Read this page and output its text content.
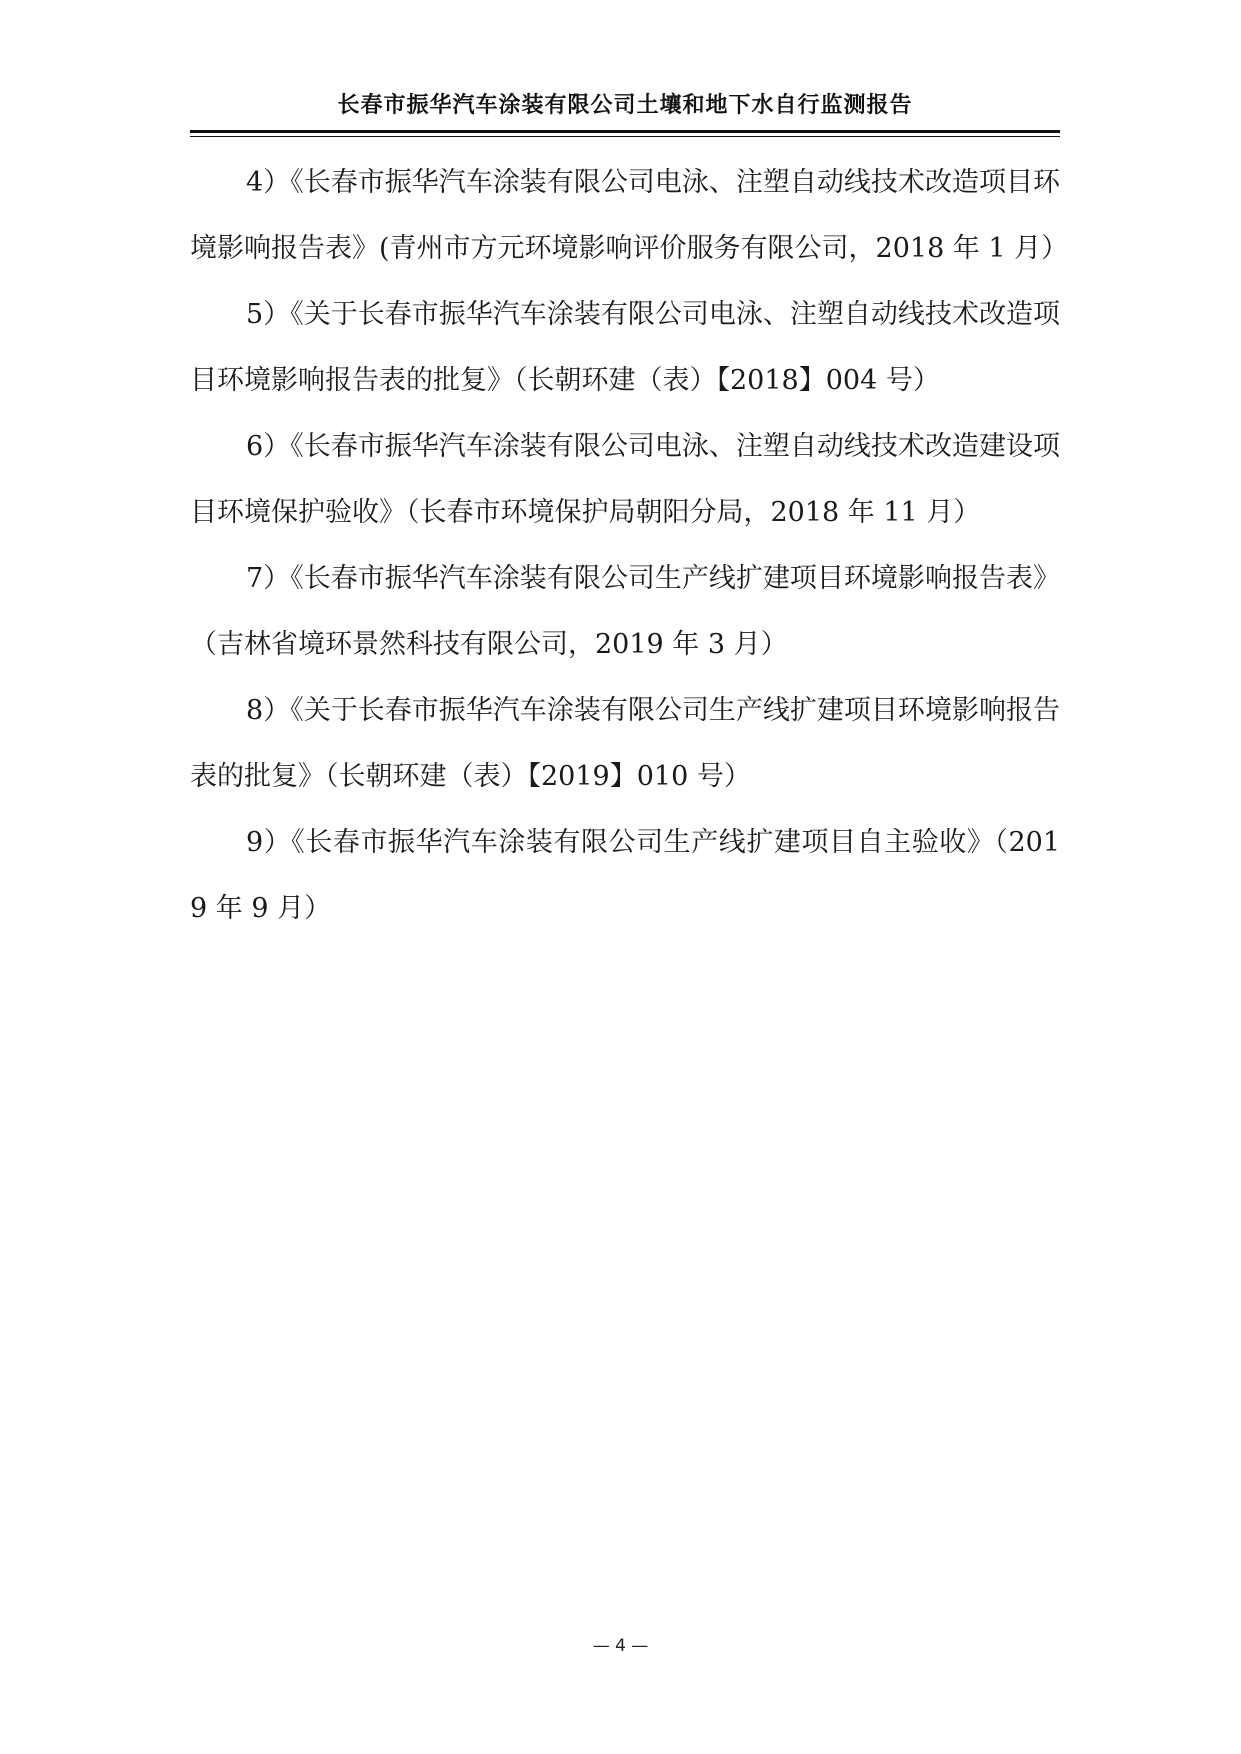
长春市振华汽车涂装有限公司土壤和地下水自行监测报告

4）《长春市振华汽车涂装有限公司电泳、注塑自动线技术改造项目环境影响报告表》(青州市方元环境影响评价服务有限公司，2018 年 1 月）

5）《关于长春市振华汽车涂装有限公司电泳、注塑自动线技术改造项目环境影响报告表的批复》（长朝环建（表）【2018】004 号）

6）《长春市振华汽车涂装有限公司电泳、注塑自动线技术改造建设项目环境保护验收》（长春市环境保护局朝阳分局，2018 年 11 月）

7）《长春市振华汽车涂装有限公司生产线扩建项目环境影响报告表》（吉林省境环景然科技有限公司，2019 年 3 月）

8）《关于长春市振华汽车涂装有限公司生产线扩建项目环境影响报告表的批复》（长朝环建（表）【2019】010 号）

9）《长春市振华汽车涂装有限公司生产线扩建项目自主验收》（2019 年 9 月）

— 4 —
